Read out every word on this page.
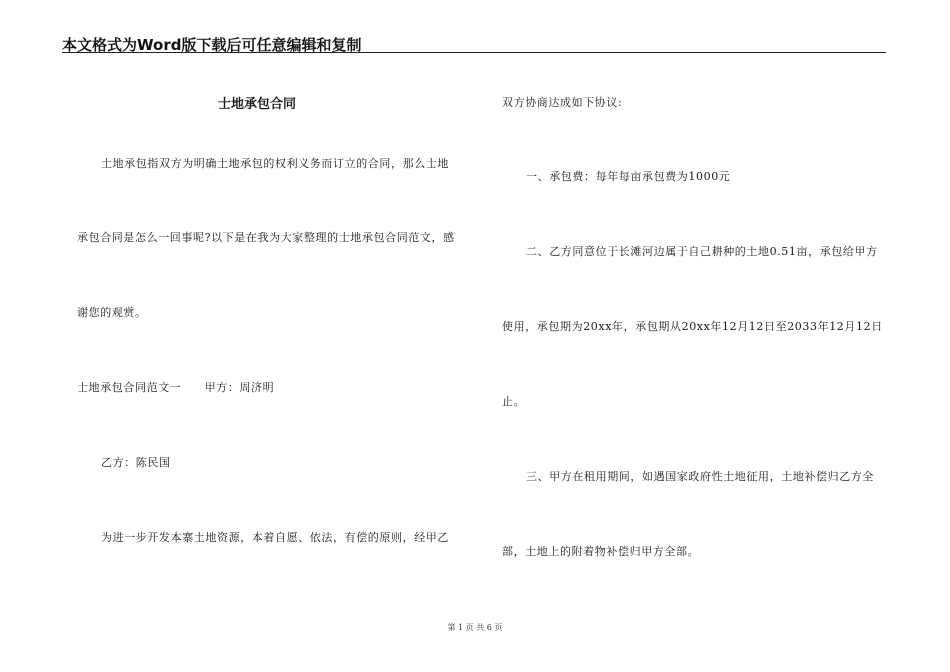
本文格式为Word版下载后可任意编辑和复制
士地承包合同
土地承包指双方为明确土地承包的权利义务而订立的合同，那么士地
承包合同是怎么一回事呢?以下是在我为大家整理的士地承包合同范文，感
谢您的观赏。
士地承包合同范文一　　甲方：周济明
乙方：陈民国
为进一步开发本寨土地资源，本着自愿、依法，有偿的原则，经甲乙
双方协商达成如下协议:
一、承包费：每年每亩承包费为1000元
二、乙方同意位于长滩河边属于自己耕种的土地0.51亩，承包给甲方
使用，承包期为20xx年，承包期从20xx年12月12日至2033年12月12日
止。
三、甲方在租用期间，如遇国家政府性土地征用，土地补偿归乙方全
部，土地上的附着物补偿归甲方全部。
第 1 页 共 6 页
